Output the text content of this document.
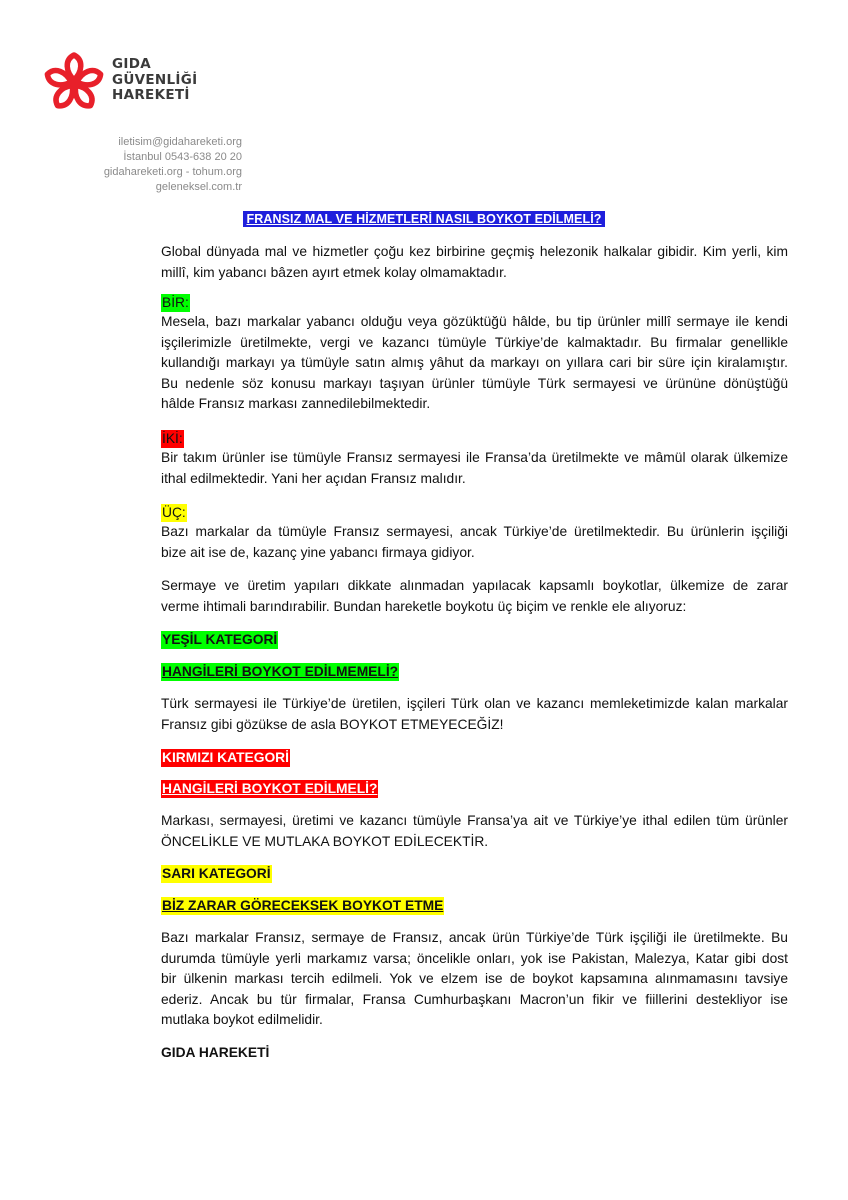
GIDA
GÜVENLİĞİ
HAREKETİ
iletisim@gidahareketi.org
İstanbul 0543-638 20 20
gidahareketi.org - tohum.org
geleneksel.com.tr
FRANSIZ MAL VE HİZMETLERİ NASIL BOYKOT EDİLMELİ?
Global dünyada mal ve hizmetler çoğu kez birbirine geçmiş helezonik halkalar gibidir. Kim yerli, kim
millî, kim yabancı bâzen ayırt etmek kolay olmamaktadır.
BİR:
Mesela, bazı markalar yabancı olduğu veya gözüktüğü hâlde, bu tip ürünler millî sermaye ile kendi
işçilerimizle üretilmekte, vergi ve kazancı tümüyle Türkiye’de kalmaktadır. Bu firmalar genellikle
kullandığı markayı ya tümüyle satın almış yâhut da markayı on yıllara cari bir süre için kiralamıştır.
Bu nedenle söz konusu markayı taşıyan ürünler tümüyle Türk sermayesi ve ürününe dönüştüğü
hâlde Fransız markası zannedilebilmektedir.
İKİ:
Bir takım ürünler ise tümüyle Fransız sermayesi ile Fransa’da üretilmekte ve mâmül olarak ülkemize
ithal edilmektedir. Yani her açıdan Fransız malıdır.
ÜÇ:
Bazı markalar da tümüyle Fransız sermayesi, ancak Türkiye’de üretilmektedir. Bu ürünlerin işçiliği
bize ait ise de, kazanç yine yabancı firmaya gidiyor.
Sermaye ve üretim yapıları dikkate alınmadan yapılacak kapsamlı boykotlar, ülkemize de zarar
verme ihtimali barındırabilir. Bundan hareketle boykotu üç biçim ve renkle ele alıyoruz:
YEŞİL KATEGORİ
HANGİLERİ BOYKOT EDİLMEMELİ?
Türk sermayesi ile Türkiye’de üretilen, işçileri Türk olan ve kazancı memleketimizde kalan markalar
Fransız gibi gözükse de asla BOYKOT ETMEYECEĞİZ!
KIRMIZI KATEGORİ
HANGİLERİ BOYKOT EDİLMELİ?
Markası, sermayesi, üretimi ve kazancı tümüyle Fransa’ya ait ve Türkiye’ye ithal edilen tüm ürünler
ÖNCELİKLE VE MUTLAKA BOYKOT EDİLECEKTİR.
SARI KATEGORİ
BİZ ZARAR GÖRECEKSEK BOYKOT ETME
Bazı markalar Fransız, sermaye de Fransız, ancak ürün Türkiye’de Türk işçiliği ile üretilmekte. Bu
durumda tümüyle yerli markamız varsa; öncelikle onları, yok ise Pakistan, Malezya, Katar gibi dost
bir ülkenin markası tercih edilmeli. Yok ve elzem ise de boykot kapsamına alınmamasını tavsiye
ederiz. Ancak bu tür firmalar, Fransa Cumhurbaşkanı Macron’un fikir ve fiillerini destekliyor ise
mutlaka boykot edilmelidir.
GIDA HAREKETİ
